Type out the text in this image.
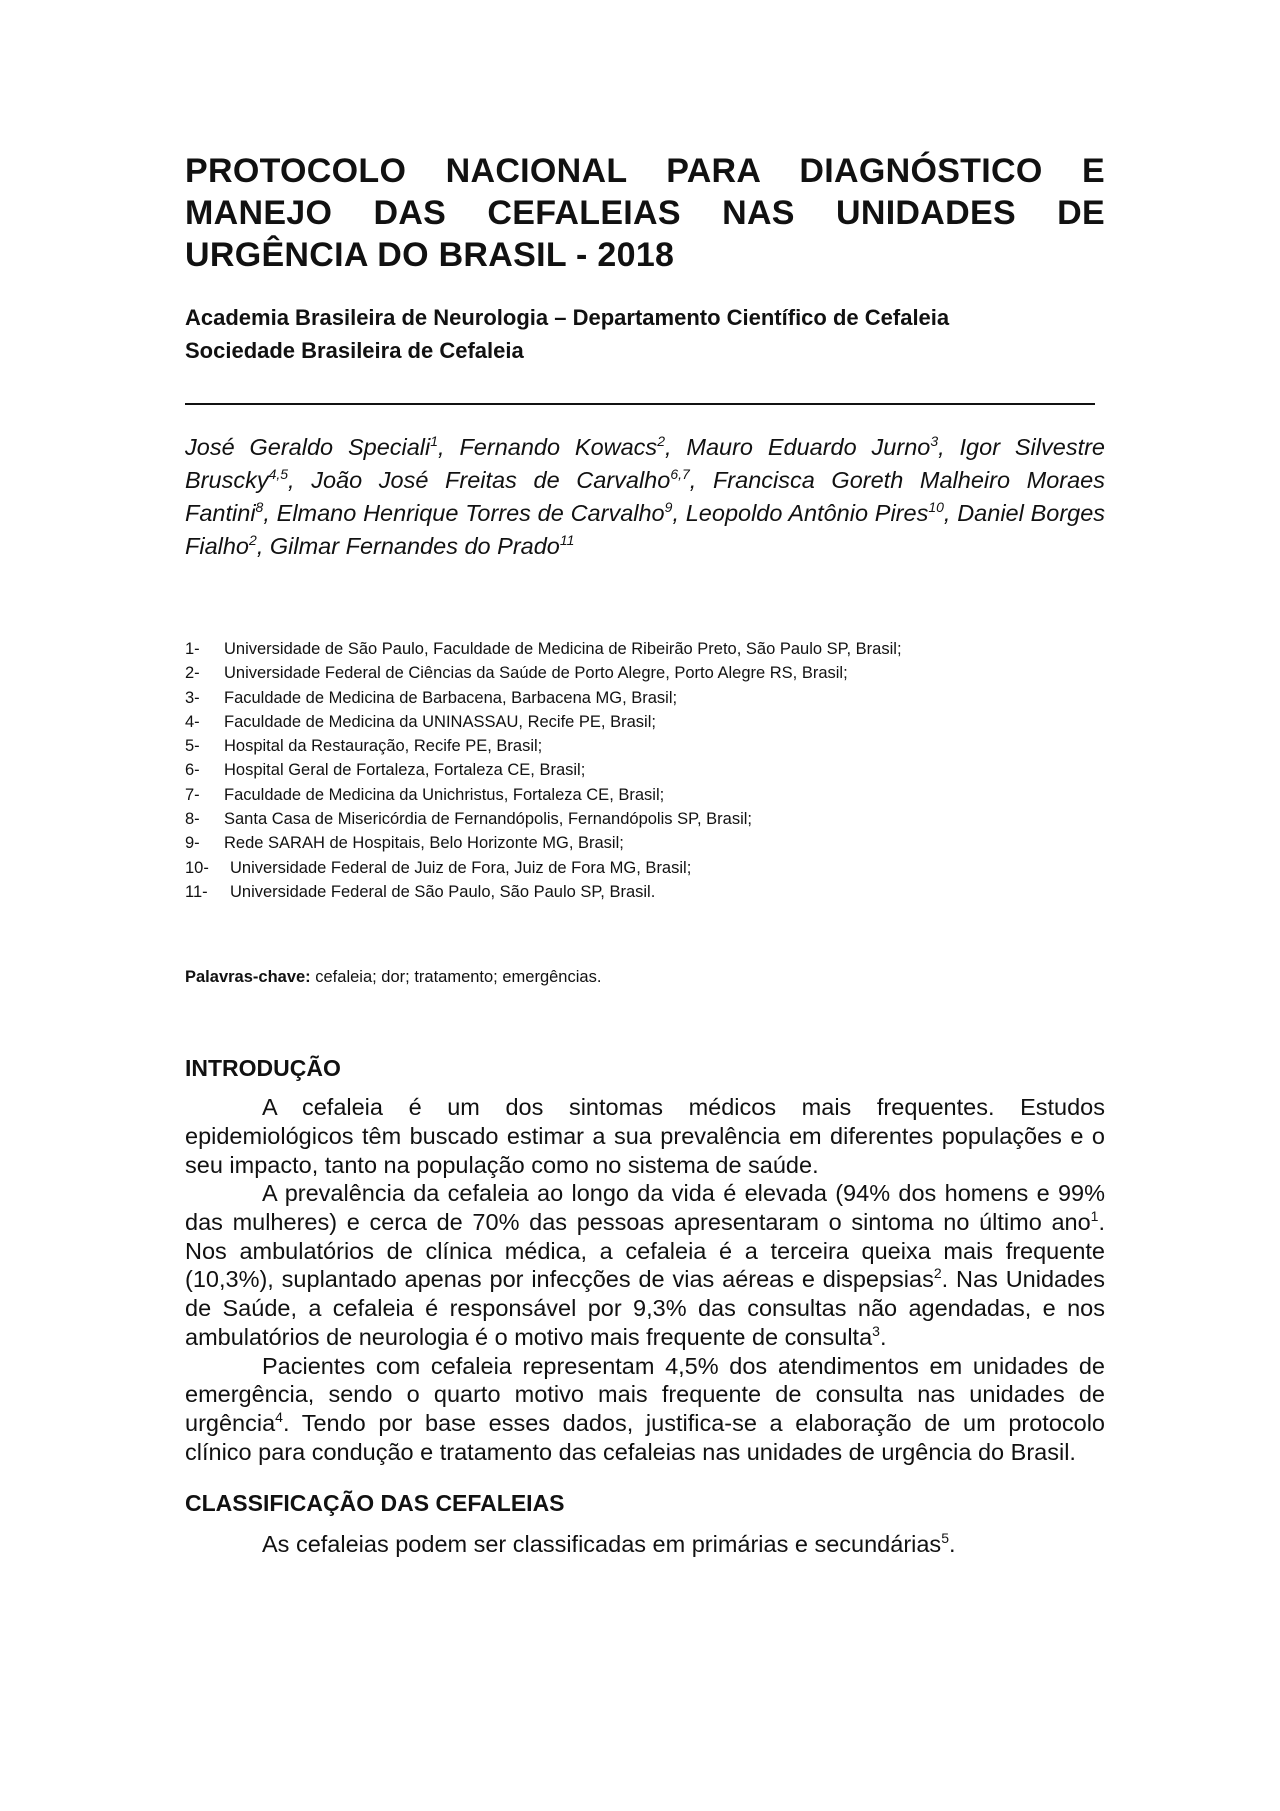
PROTOCOLO NACIONAL PARA DIAGNÓSTICO E MANEJO DAS CEFALEIAS NAS UNIDADES DE URGÊNCIA DO BRASIL - 2018
Academia Brasileira de Neurologia – Departamento Científico de Cefaleia
Sociedade Brasileira de Cefaleia
José Geraldo Speciali$^1$, Fernando Kowacs$^2$, Mauro Eduardo Jurno$^3$, Igor Silvestre Bruscky$^{4,5}$, João José Freitas de Carvalho$^{6,7}$, Francisca Goreth Malheiro Moraes Fantini$^8$, Elmano Henrique Torres de Carvalho$^9$, Leopoldo Antônio Pires$^{10}$, Daniel Borges Fialho$^2$, Gilmar Fernandes do Prado$^{11}$
1-	Universidade de São Paulo, Faculdade de Medicina de Ribeirão Preto, São Paulo SP, Brasil;
2-	Universidade Federal de Ciências da Saúde de Porto Alegre, Porto Alegre RS, Brasil;
3-	Faculdade de Medicina de Barbacena, Barbacena MG, Brasil;
4-	Faculdade de Medicina da UNINASSAU, Recife PE, Brasil;
5-	Hospital da Restauração, Recife PE, Brasil;
6-	Hospital Geral de Fortaleza, Fortaleza CE, Brasil;
7-	Faculdade de Medicina da Unichristus, Fortaleza CE, Brasil;
8-	Santa Casa de Misericórdia de Fernandópolis, Fernandópolis SP, Brasil;
9-	Rede SARAH de Hospitais, Belo Horizonte MG, Brasil;
10-	Universidade Federal de Juiz de Fora, Juiz de Fora MG, Brasil;
11-	Universidade Federal de São Paulo, São Paulo SP, Brasil.
Palavras-chave: cefaleia; dor; tratamento; emergências.
INTRODUÇÃO

A cefaleia é um dos sintomas médicos mais frequentes. Estudos epidemiológicos têm buscado estimar a sua prevalência em diferentes populações e o seu impacto, tanto na população como no sistema de saúde.

A prevalência da cefaleia ao longo da vida é elevada (94% dos homens e 99% das mulheres) e cerca de 70% das pessoas apresentaram o sintoma no último ano$^1$. Nos ambulatórios de clínica médica, a cefaleia é a terceira queixa mais frequente (10,3%), suplantado apenas por infecções de vias aéreas e dispepsias$^2$. Nas Unidades de Saúde, a cefaleia é responsável por 9,3% das consultas não agendadas, e nos ambulatórios de neurologia é o motivo mais frequente de consulta$^3$.

Pacientes com cefaleia representam 4,5% dos atendimentos em unidades de emergência, sendo o quarto motivo mais frequente de consulta nas unidades de urgência$^4$. Tendo por base esses dados, justifica-se a elaboração de um protocolo clínico para condução e tratamento das cefaleias nas unidades de urgência do Brasil.

CLASSIFICAÇÃO DAS CEFALEIAS

As cefaleias podem ser classificadas em primárias e secundárias$^5$.
